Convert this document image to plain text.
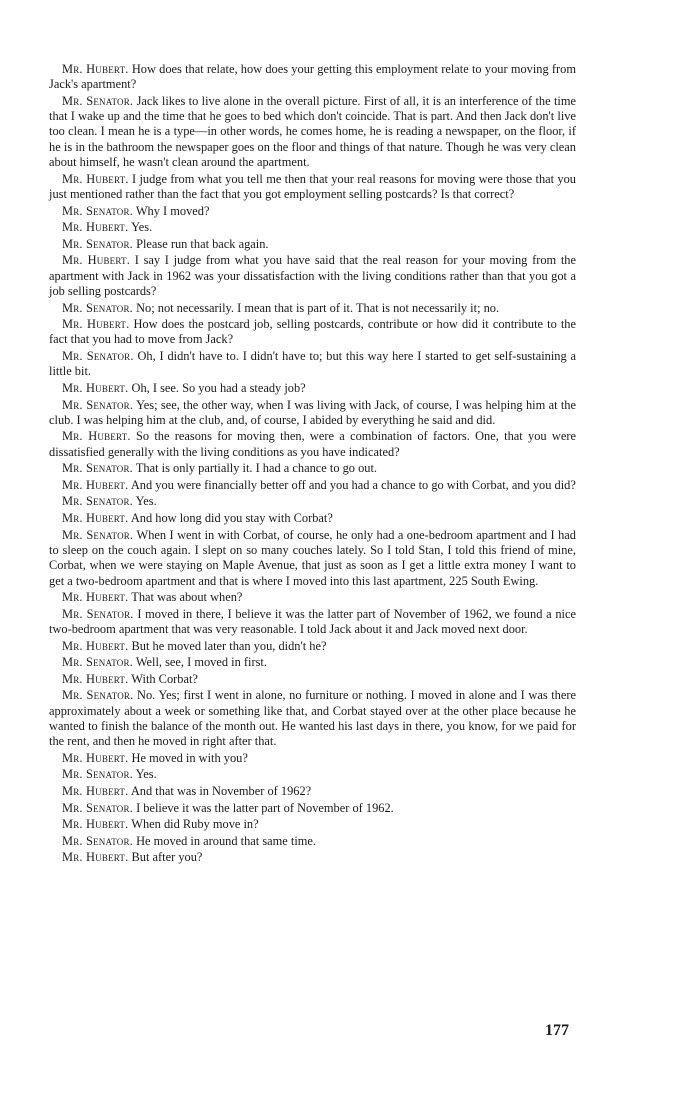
Mr. Hubert. How does that relate, how does your getting this employment relate to your moving from Jack's apartment?

Mr. Senator. Jack likes to live alone in the overall picture. First of all, it is an interference of the time that I wake up and the time that he goes to bed which don't coincide. That is part. And then Jack don't live too clean. I mean he is a type—in other words, he comes home, he is reading a newspaper, on the floor, if he is in the bathroom the newspaper goes on the floor and things of that nature. Though he was very clean about himself, he wasn't clean around the apartment.

Mr. Hubert. I judge from what you tell me then that your real reasons for moving were those that you just mentioned rather than the fact that you got employment selling postcards? Is that correct?

Mr. Senator. Why I moved?

Mr. Hubert. Yes.

Mr. Senator. Please run that back again.

Mr. Hubert. I say I judge from what you have said that the real reason for your moving from the apartment with Jack in 1962 was your dissatisfaction with the living conditions rather than that you got a job selling postcards?

Mr. Senator. No; not necessarily. I mean that is part of it. That is not necessarily it; no.

Mr. Hubert. How does the postcard job, selling postcards, contribute or how did it contribute to the fact that you had to move from Jack?

Mr. Senator. Oh, I didn't have to. I didn't have to; but this way here I started to get self-sustaining a little bit.

Mr. Hubert. Oh, I see. So you had a steady job?

Mr. Senator. Yes; see, the other way, when I was living with Jack, of course, I was helping him at the club. I was helping him at the club, and, of course, I abided by everything he said and did.

Mr. Hubert. So the reasons for moving then, were a combination of factors. One, that you were dissatisfied generally with the living conditions as you have indicated?

Mr. Senator. That is only partially it. I had a chance to go out.

Mr. Hubert. And you were financially better off and you had a chance to go with Corbat, and you did?

Mr. Senator. Yes.

Mr. Hubert. And how long did you stay with Corbat?

Mr. Senator. When I went in with Corbat, of course, he only had a one-bedroom apartment and I had to sleep on the couch again. I slept on so many couches lately. So I told Stan, I told this friend of mine, Corbat, when we were staying on Maple Avenue, that just as soon as I get a little extra money I want to get a two-bedroom apartment and that is where I moved into this last apartment, 225 South Ewing.

Mr. Hubert. That was about when?

Mr. Senator. I moved in there, I believe it was the latter part of November of 1962, we found a nice two-bedroom apartment that was very reasonable. I told Jack about it and Jack moved next door.

Mr. Hubert. But he moved later than you, didn't he?

Mr. Senator. Well, see, I moved in first.

Mr. Hubert. With Corbat?

Mr. Senator. No. Yes; first I went in alone, no furniture or nothing. I moved in alone and I was there approximately about a week or something like that, and Corbat stayed over at the other place because he wanted to finish the balance of the month out. He wanted his last days in there, you know, for we paid for the rent, and then he moved in right after that.

Mr. Hubert. He moved in with you?

Mr. Senator. Yes.

Mr. Hubert. And that was in November of 1962?

Mr. Senator. I believe it was the latter part of November of 1962.

Mr. Hubert. When did Ruby move in?

Mr. Senator. He moved in around that same time.

Mr. Hubert. But after you?

177
